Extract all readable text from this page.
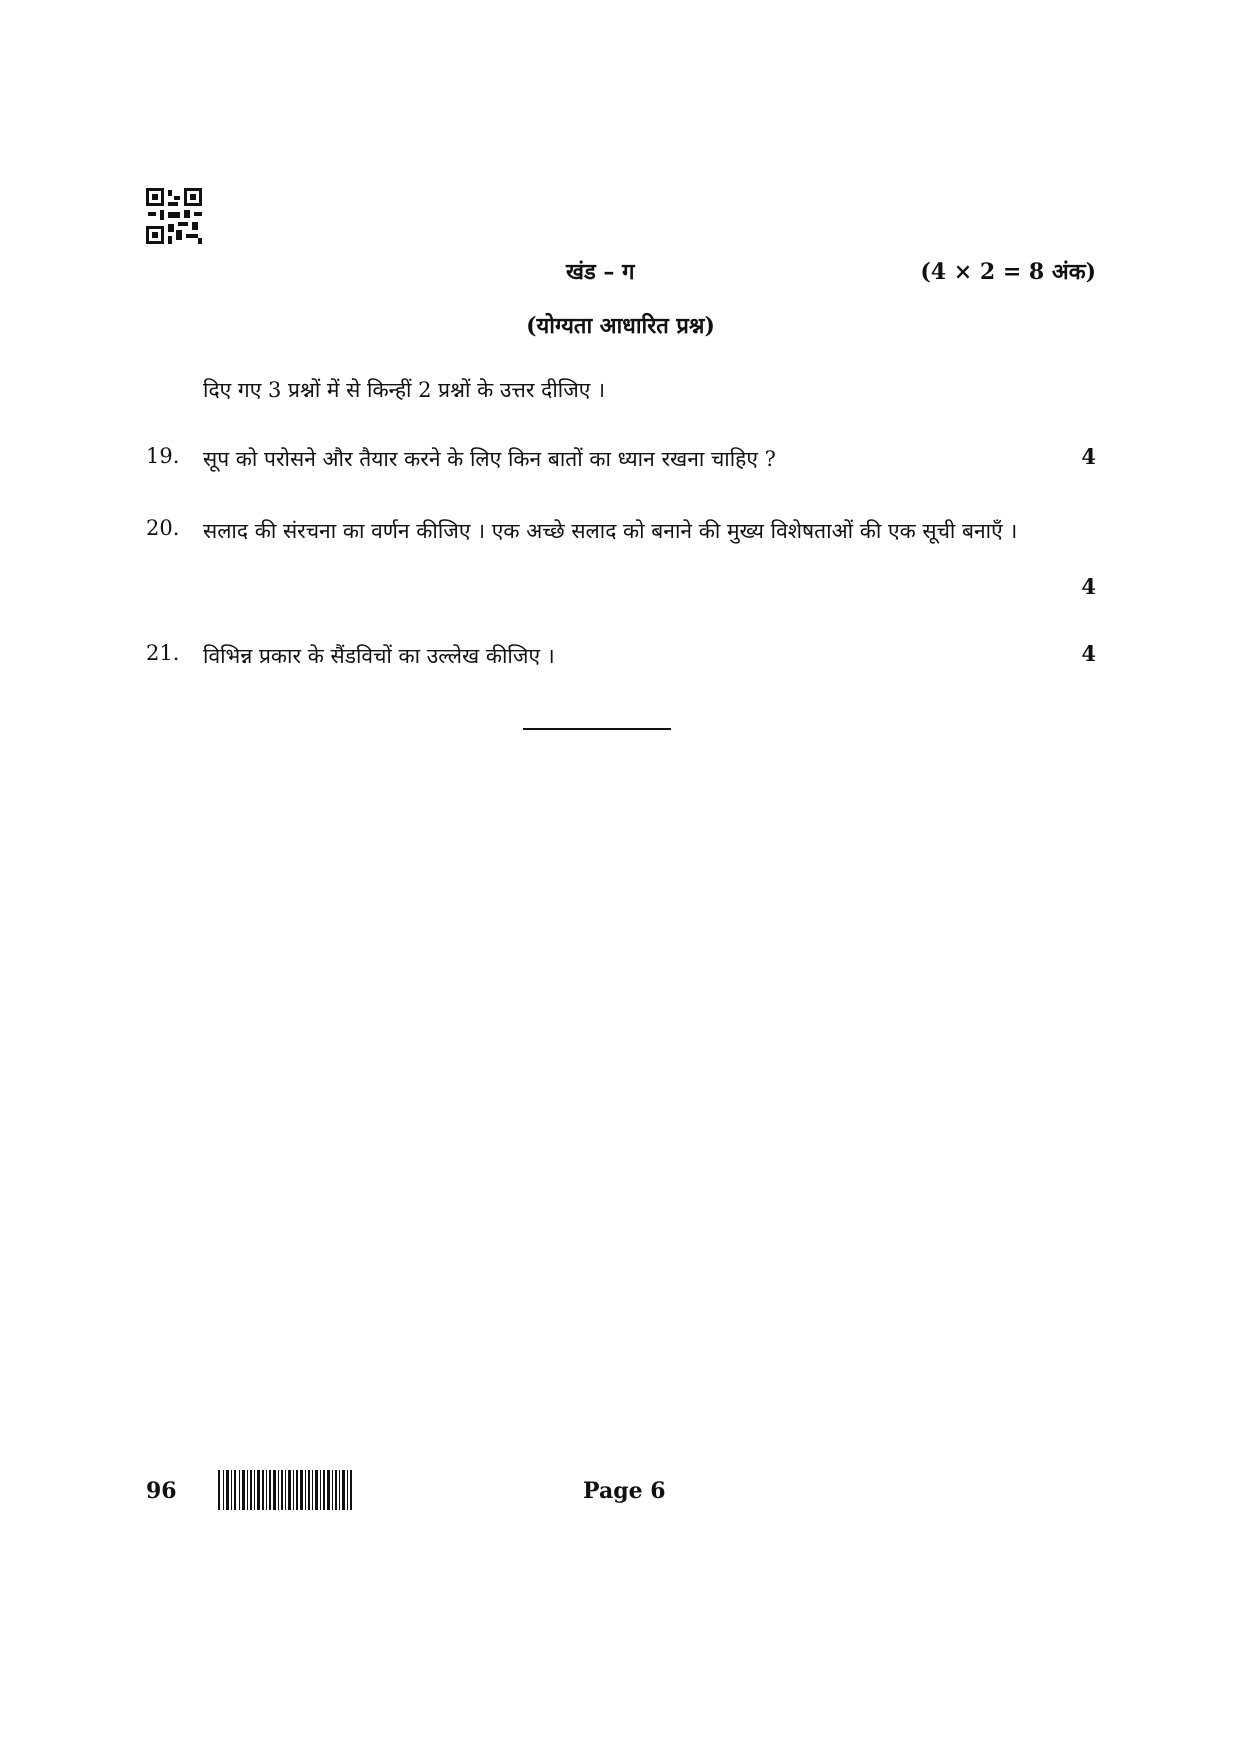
खंड – ग	(4 × 2 = 8 अंक)
(योग्यता आधारित प्रश्न)
दिए गए 3 प्रश्नों में से किन्हीं 2 प्रश्नों के उत्तर दीजिए ।
19. सूप को परोसने और तैयार करने के लिए किन बातों का ध्यान रखना चाहिए ?	4
20. सलाद की संरचना का वर्णन कीजिए । एक अच्छे सलाद को बनाने की मुख्य विशेषताओं की एक सूची बनाएँ ।
4
21. विभिन्न प्रकार के सैंडविचों का उल्लेख कीजिए ।	4
96	Page 6
